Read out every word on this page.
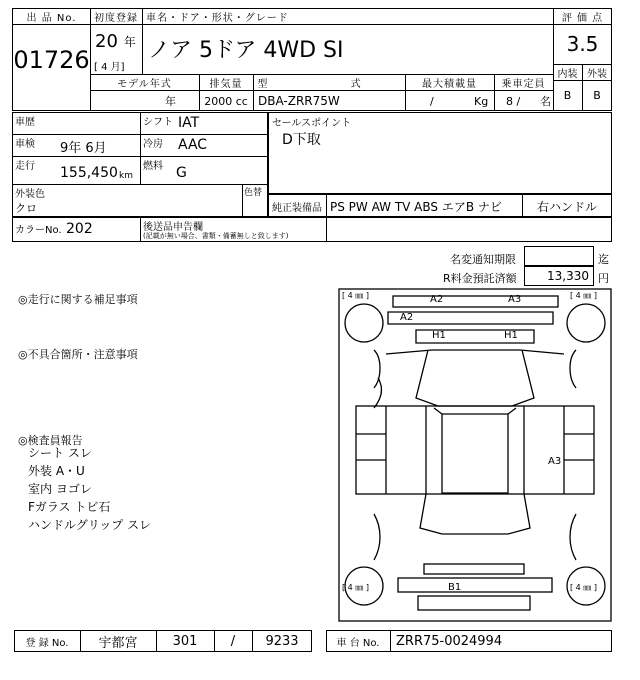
出 品 No.
01726
初度登録
20 年
[ 4 月]
車名・ドア・形状・グレード
ノア 5ドア 4WD SI
評 価 点
3.5
内装 外装
B	B
モデル年式
年
排気量
2000 cc
型 式
DBA-ZRR75W
最大積載量
/	Kg
乗車定員
8 /	名
車歴	シフト IAT
車検 9年 6月	冷房 AAC
走行 155,450 km
燃料 G
外装色
クロ
色替
セールスポイント
D下取
純正装備品 PS PW AW TV ABS エアB ナビ	右ハンドル
カラーNo. 202	後送品申告欄
(記載が無い場合、書類・備蓄無しと致します)
名変通知期限	迄
R料金預託済額	13,330 円
◎走行に関する補足事項
◎不具合箇所・注意事項
◎検査員報告
シート スレ
外装 A・U
室内 ヨゴレ
Fガラス トビ石
ハンドルグリップ スレ
[ 4 ㎜ ]	[ 4 ㎜ ]
[ 4 ㎜ ]	[ 4 ㎜ ]
A2	A3
A2
H1	H1
A3
B1
登 録 No.	宇都宮	301	/	9233	車 台 No.	ZRR75-0024994
